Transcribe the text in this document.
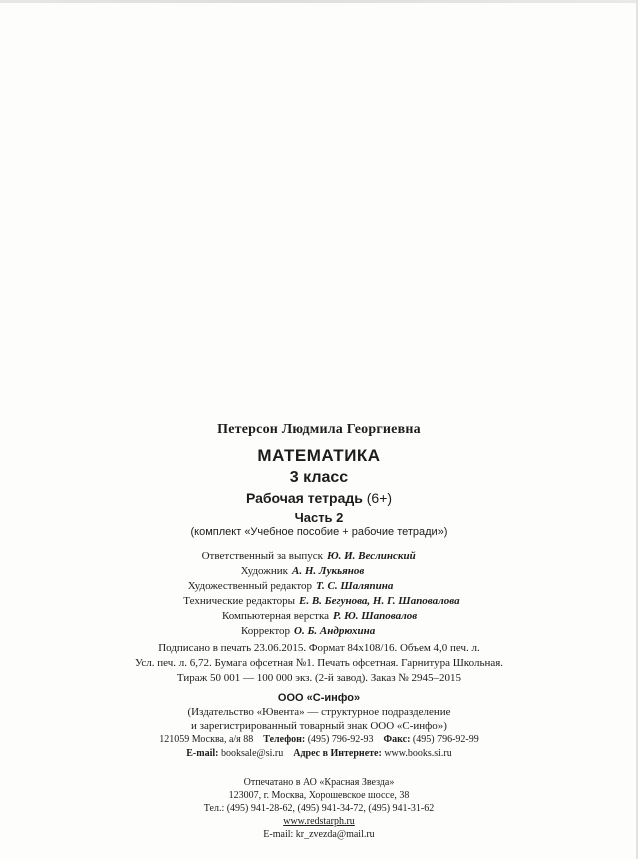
Петерсон Людмила Георгиевна
МАТЕМАТИКА
3 класс
Рабочая тетрадь (6+)
Часть 2
(комплект «Учебное пособие + рабочие тетради»)
Ответственный за выпуск Ю. И. Веслинский
Художник А. Н. Лукьянов
Художественный редактор Т. С. Шаляпина
Технические редакторы Е. В. Бегунова, Н. Г. Шаповалова
Компьютерная верстка Р. Ю. Шаповалов
Корректор О. Б. Андрюхина
Подписано в печать 23.06.2015. Формат 84х108/16. Объем 4,0 печ. л.
Усл. печ. л. 6,72. Бумага офсетная №1. Печать офсетная. Гарнитура Школьная.
Тираж 50 001 — 100 000 экз. (2-й завод). Заказ № 2945–2015
ООО «С-инфо»
(Издательство «Ювента» — структурное подразделение
и зарегистрированный товарный знак ООО «С-инфо»)
121059 Москва, а/я 88 Телефон: (495) 796-92-93 Факс: (495) 796-92-99
E-mail: booksale@si.ru Адрес в Интернете: www.books.si.ru
Отпечатано в АО «Красная Звезда»
123007, г. Москва, Хорошевское шоссе, 38
Тел.: (495) 941-28-62, (495) 941-34-72, (495) 941-31-62
www.redstarph.ru
E-mail: kr_zvezda@mail.ru
